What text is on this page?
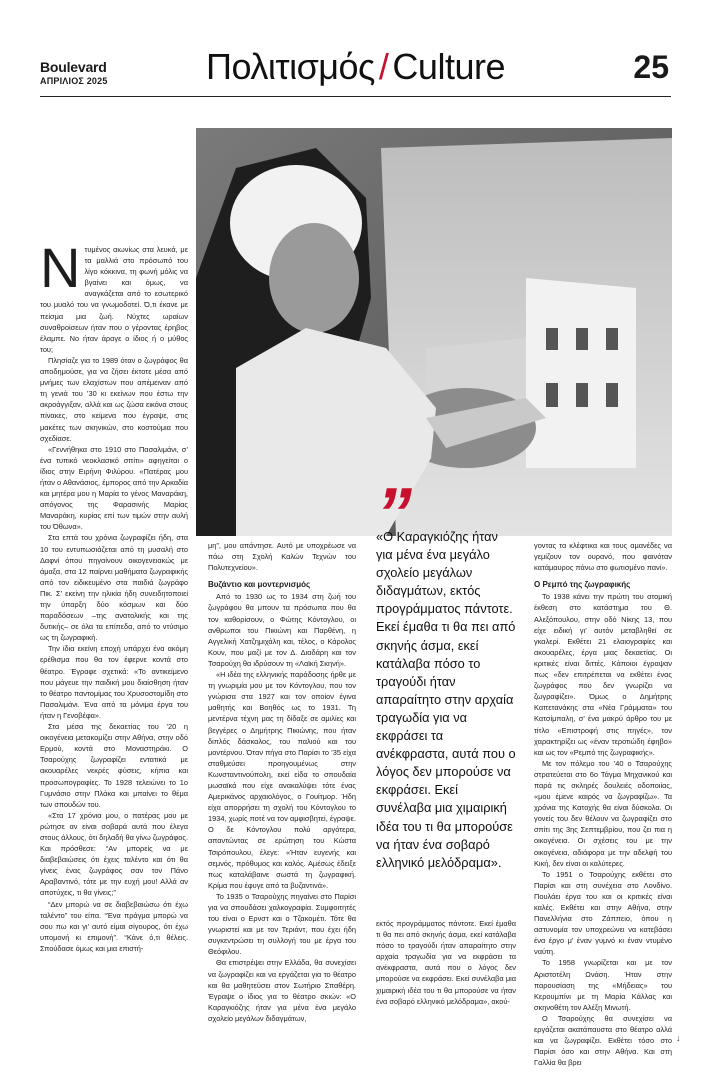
Boulevard
ΑΠΡΙΛΙΟΣ 2025	Πολιτισμός / Culture	25
Ν τυμένος αιωνίως στα λευκά, με τα μαλλιά στο πρόσωπό του λίγο κόκκινα, τη φωνή μόλις να βγαίνει και όμως, να αναγκάζεται από το εσωτερικό του μυαλό του να γνωμοδοτεί. Ό,τι έκανε με πείσμα μια ζωή. Νύχτες ωραίων συναθροίσεων ήταν που ο γέροντας έρηβος έλαμπε. Νο ήταν άραγε ο ίδιος ή ο μύθος του;

Πλησίαζε για το 1989 όταν ο ζωγράφος θα αποδημούσε, για να ζήσει έκτοτε μέσα από μνήμες των ελαχίστων που απέμειναν από τη γενιά του ’30 κι εκείνων που έστω την ακροάγγιξαν, αλλά και ως ζώσα εικόνα στους πίνακες, στο κείμενα που έγραψε, στις μακέτες των σκηνικών, στο κοστούμια που σχεδίασε.

«Γεννήθηκα στο 1910 στο Πασαλιμάνι, σ’ ένα τυπικό νεοκλασικό σπίτι» αφηγείται ο ίδιος στην Ειρήνη Φιλύρου. «Πατέρας μου ήταν ο Αθανάσιος, έμπορος από την Αρκαδία και μητέρα μου η Μαρία το γένος Μαναράκη, απόγονος της Φαρασινής Μαρίας Μαναράκη, κυρίας επί των τιμών στην αυλή του Όθωνα».

Στα επτά του χρόνια ζωγραφίζει ήδη, στα 10 του εντυπωσιάζεται από τη μυσαλή στο Δαφνί όπου πηγαίνουν οικογενειακώς με άμαξα, στα 12 παίρνει μαθήματα ζωγραφικής από τον ειδικευμένο στα παιδιά ζωγράφο Πικ. Σ’ εκείνη την ηλικία ήδη συνειδητοποιεί την ύπαρξη δύο κόσμων και δύο παραδόσεων –της ανατολικής και της δυτικής– σε όλα τα επίπεδα, από το ντύσιμο ως τη ζωγραφική.

Την ίδια εκείνη εποχή υπάρχει ένα ακόμη ερέθισμα που θα τον έφερνε κοντά στο θέατρο. Έγραφε σχετικά: «Το αντικείμενο που μάγευε την παιδική μου διαίσθηση ήταν το θέατρο παντομίμας του Χρυσοστομίδη στο Πασαλιμάνι. Ένα από τα μόνιμα έργα του ήταν η Γενοβέφα».

Στα μέσα της δεκαετίας του ’20 η οικογένεια μετακομίζει στην Αθήνα, στην οδό Ερμού, κοντά στο Μοναστηράκι. Ο Τσαρούχης ζωγραφίζει εντατικά με ακουαρέλες νεκρές φύσεις, κήπια και προσωπογραφίες. Το 1928 τελειώνει το 1ο Γυμνάσιο στην Πλάκα και μπαίνει το θέμα των σπουδών του.

«Στα 17 χρόνια μου, ο πατέρας μου με ρώτησε αν είναι σοβαρά αυτά που έλεγα στους άλλους, ότι δηλαδή θα γίνω ζωγράφος. Και πρόσθεσε: “Αν μπορείς να με διαβεβαιώσεις ότι έχεις ταλέντο και ότι θα γίνεις ένας ζωγράφος σαν τον Πάνο Αραβαντινό, τότε με την ευχή μου! Αλλά αν αποτύχεις, τι θα γίνεις;”

“Δεν μπορώ να σε διαβεβαιώσω ότι έχω ταλέντο” του είπα. “Ένα πράγμα μπορώ να σου πω και γι’ αυτό είμαι σίγουρος, ότι έχω υπομονή κι επιμονή”. “Κάνε ό,τι θέλεις. Σπούδασε όμως και μια επιστή-

μη”, μου απάντησε. Αυτό με υποχρέωσε να πάω στη Σχολή Καλών Τεχνών του Πολυτεχνείου».

Βυζάντιο και μοντερνισμός

Από το 1930 ως το 1934 στη ζωή του ζωγράφου θα μπουν τα πρόσωπα που θα τον καθορίσουν, ο Φώτης Κόντογλου, οι ανθρωποι του Πικιώνη και Παρθένη, η Αγγελική Χατζημιχάλη και, τέλος, ο Κάρολος Κουν, που μαζί με τον Δ. Διαδάρη και τον Τσαρούχη θα ιδρύσουν τη «Λαϊκή Σκηνή».

«Η ιδέα της ελληνικής παράδοσης ήρθε με τη γνωριμία μου με τον Κόντογλου, που τον γνώρισα στα 1927 και τον οποίον έγινα μαθητής και Βοηθός ως το 1931. Τη μεντέρνα τέχνη μας τη δίδαξε σε αμιλίες και βεγγέρες ο Δημήτρης Πικιώνης, που ήταν διπλός δάσκαλος, του παλιού και του μοντέρνου. Όταν πήγα στο Παρίσι το ’35 είχα σταθμεύσει προηγουμένως στην Κωνσταντινούπολη, εκεί είδα το σπουδαία μωσαϊκά που είχε ανακαλύψει τότε ένας Αμερικάνος αρχαιολόγος, ο Γουίτμορ. Ήδη είχα απορρήσει τη σχολή του Κόντογλου το 1934, χωρίς ποτέ να τον αμφισβητεί, έγραψε. Ο δε Κόντογλου πολύ αργότερα, απαντώντας σε ερώτηση του Κώστα Τσιρόπουλου, έλεγε: «Ήταν ευγενής και σεμνός, πρόθυμος και καλός. Αμέσως έδειξε πως καταλάβαινε σωστά τη ζωγραφική. Κρίμα που έφυγε από τα βυζαντινά».

Το 1935 ο Τσαρούχης πηγαίνει στο Παρίσι για να σπουδάσει χαλκογραφία. Συμφοιτητές του είναι ο Ερνστ και ο Τζακομέτι. Τότε θα γνωριστεί και με τον Τεριάντ, που έχει ήδη συγκεντρώσει τη συλλογή του με έργα του Θεόφιλου.

Θα επιστρέψει στην Ελλάδα, θα συνεχίσει να ζωγραφίζει και να εργάζεται για το θέατρο και θα μαθητεύσει στον Σωτήριο Σπαθέρη. Έγραψε ο ίδιος για το θέατρο σκιών: «Ο Καραγκιόζης ήταν για μένα ένα μεγάλο σχολείο μεγάλων διδαγμάτων,

”
«Ο Καραγκιόζης ήταν για μένα ένα μεγάλο σχολείο μεγάλων διδαγμάτων, εκτός προγράμματος πάντοτε. Εκεί έμαθα τι θα πει από σκηνής άσμα, εκεί κατάλαβα πόσο το τραγούδι ήταν απαραίτητο στην αρχαία τραγωδία για να εκφράσει τα ανέκφραστα, αυτά που ο λόγος δεν μπορούσε να εκφράσει. Εκεί συνέλαβα μια χιμαιρική ιδέα του τι θα μπορούσε να ήταν ένα σοβαρό ελληνικό μελόδραμα».

εκτός προγράμματος πάντοτε. Εκεί έμαθα τι θα πει από σκηνής άσμα, εκεί κατάλαβα πόσο το τραγούδι ήταν απαραίτητο στην αρχαία τραγωδία για να εκφράσει τα ανέκφραστα, αυτά που ο λόγος δεν μπορούσε να εκφράσει. Εκεί συνέλαβα μια χιμαιρική ιδέα του τι θα μπορούσε να ήταν ένα σοβαρό ελληνικό μελόδραμα», ακού-

γοντας τα κλέφτικα και τους αμανέδες να γεμίζουν τον ουρανό, που φαινόταν κατάμαυρος πάνω στο φωτισμένο πανί».

Ο Ρεμπό της ζωγραφικής

Το 1938 κάνει την πρώτη του ατομική έκθεση στο κατάστημα του Θ. Αλεξόπουλου, στην οδό Νίκης 13, που είχε ειδική γι’ αυτόν μεταβληθεί σε γκαλερί. Εκθέτει 21 ελαιογραφίες και ακουαρέλες, έργα μιας δεκαετίας. Οι κριτικές είναι διττές. Κάποιοι έγραψαν πως «δεν επιτρέπεται να εκθέτει ένας ζωγράφος που δεν γνωρίζει να ζωγραφίζει». Όμως ο Δημήτρης Καπετανάκης στα «Νέα Γράμματα» του Κατσίμπαλη, σ’ ένα μακρύ άρθρο του με τίτλο «Επιστροφή στις πηγές», τον χαρακτηρίζει ως «έναν τεροτιώδη έφηβο» και ως τον «Ρεμπό της ζωγραφικής».

Με τον πόλεμο του ’40 ο Τσαρούχης στρατεύεται στο 6ο Τάγμα Μηχανικού και παρά τις σκληρές δουλειές οδοποιίας, «μου έμενε καιρός να ζωγραφίζω». Τα χρόνια της Κατοχής θα είναι δύσκολα. Οι γονείς του δεν θέλουν να ζωγραφίζει στο σπίτι της 3ης Σεπτεμβρίου, που ζει πια η οικογένεια. Οι σχέσεις του με την οικογένεια, αδιάφορα με την αδελφή του Κική, δεν είναι οι καλύτερες.

Το 1951 ο Τσαρούχης εκθέτει στο Παρίσι και στη συνέχεια στο Λονδίνο. Πουλάει έργα του και οι κριτικές είναι καλές. Εκθέτει και στην Αθήνα, στην Πανελλήνια στο Ζάππειο, όπου η αστυνομία τον υποχρεώνει να κατεβάσει ένα έργο μ’ έναν γυμνό κι έναν ντυμένο ναύτη.

Το 1958 γνωρίζεται και με τον Αριστοτέλη Ωνάση. Ήταν στην παρουσίαση της «Μήδειας» του Κερουμπίνι με τη Μαρία Κάλλας και σκηνοθέτη τον Αλέξη Μινωτή.

Ο Τσαρούχης θα συνεχίσει να εργάζεται ακατάπαυστα στο θέατρο αλλά και να ζωγραφίζει. Εκθέτει τόσο στο Παρίσι όσο και στην Αθήνα. Και στη Γαλλία θα βρει

↓
